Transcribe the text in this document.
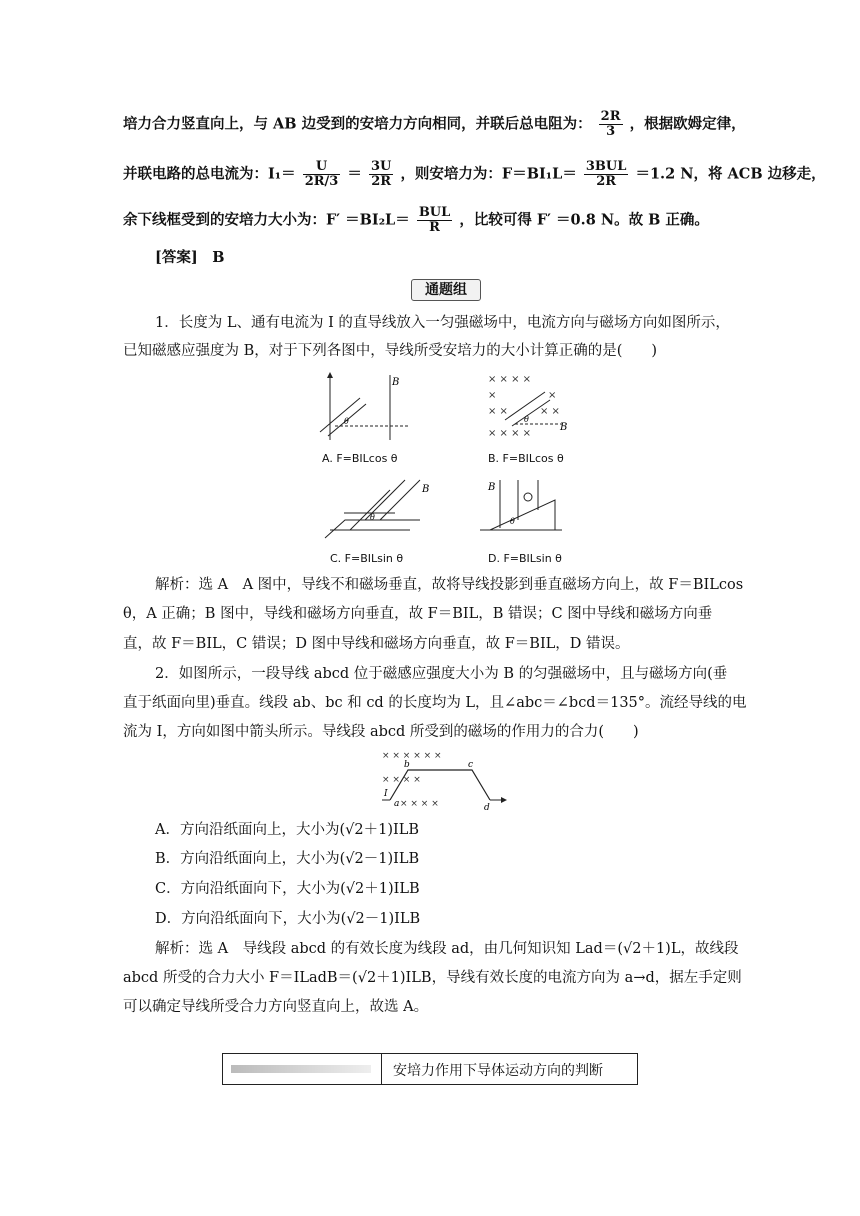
培力合力竖直向上，与 AB 边受到的安培力方向相同，并联后总电阻为： $\frac{2R}{3}$ ，根据欧姆定律，
并联电路的总电流为：$I_1= \frac{U}{2R/3} = \frac{3U}{2R}$ ，则安培力为：$F=BI_1L= \frac{\text{3BUL}}{2R} =1.2$ N，将 ACB 边移走，
余下线框受到的安培力大小为：$F' =BI_2L= \frac{\text{BUL}}{R}$ ，比较可得 F′ ＝0.8 N。故 B 正确。
[答案]　B
通题组
1．长度为 L、通有电流为 I 的直导线放入一匀强磁场中，电流方向与磁场方向如图所示，
已知磁感应强度为 B，对于下列各图中，导线所受安培力的大小计算正确的是(　　)
B
θ
× × × ×
×	×
× ×	× ×
× × × ×
B
θ
B
θ
B
θ
A. F=BILcos θ	B. F=BILcos θ
C. F=BILsin θ	D. F=BILsin θ
解析：选 A　A 图中，导线不和磁场垂直，故将导线投影到垂直磁场方向上，故 F＝BILcos
θ，A 正确；B 图中，导线和磁场方向垂直，故 F＝BIL，B 错误；C 图中导线和磁场方向垂
直，故 F＝BIL，C 错误；D 图中导线和磁场方向垂直，故 F＝BIL，D 错误。
2．如图所示，一段导线 abcd 位于磁感应强度大小为 B 的匀强磁场中，且与磁场方向(垂
直于纸面向里)垂直。线段 ab、bc 和 cd 的长度均为 L，且∠abc＝∠bcd＝135°。流经导线的电
流为 I，方向如图中箭头所示。导线段 abcd 所受到的磁场的作用力的合力(　　)
× × × × × ×
× × × ×
× × × ×
I
a
b	c
d
A．方向沿纸面向上，大小为(√2＋1)ILB
B．方向沿纸面向上，大小为(√2－1)ILB
C．方向沿纸面向下，大小为(√2＋1)ILB
D．方向沿纸面向下，大小为(√2－1)ILB
解析：选 A　导线段 abcd 的有效长度为线段 ad，由几何知识知 Lad＝(√2＋1)L，故线段
abcd 所受的合力大小 F＝ILadB＝(√2＋1)ILB，导线有效长度的电流方向为 a→d，据左手定则
可以确定导线所受合力方向竖直向上，故选 A。
安培力作用下导体运动方向的判断
